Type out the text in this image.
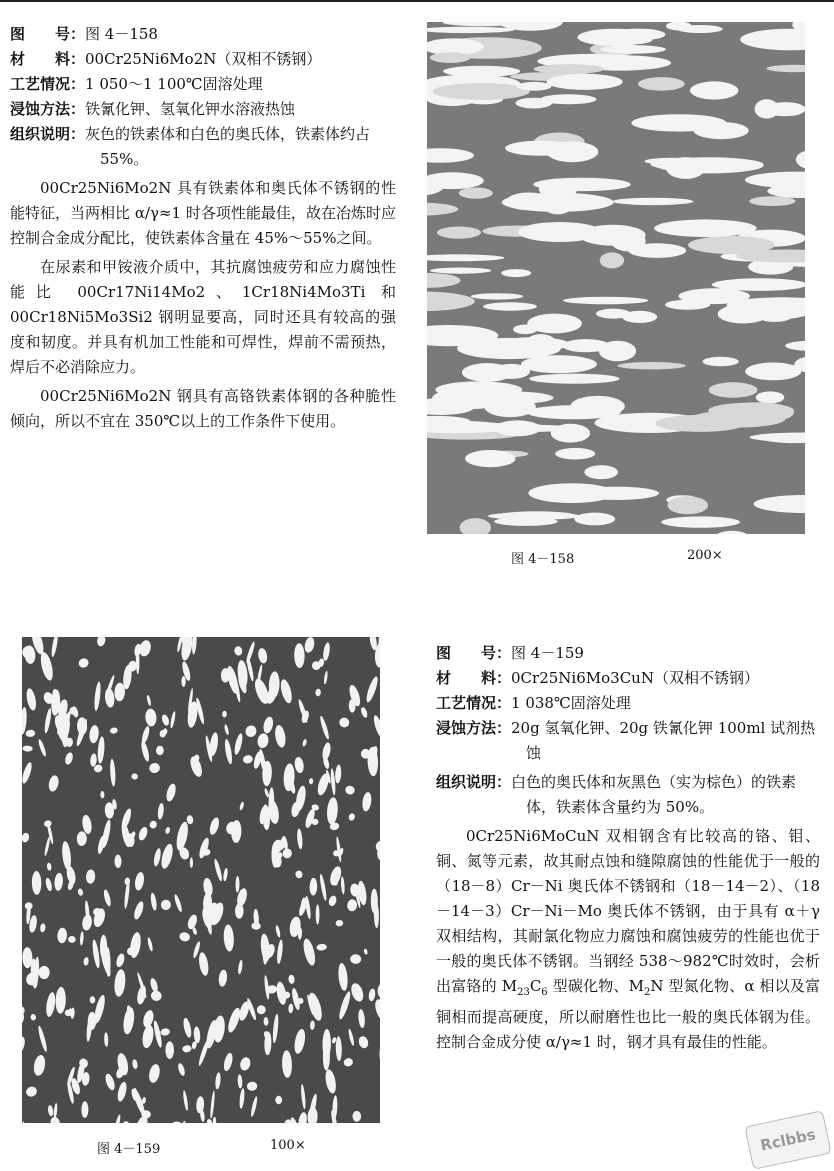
图　　号：图 4－158
材　　料：00Cr25Ni6Mo2N（双相不锈钢）
工艺情况：1 050～1 100℃固溶处理
浸蚀方法：铁氰化钾、氢氧化钾水溶液热蚀

组织说明：灰色的铁素体和白色的奥氏体，铁素体约占 55%。

00Cr25Ni6Mo2N 具有铁素体和奥氏体不锈钢的性能特征，当两相比 α/γ≈1 时各项性能最佳，故在冶炼时应控制合金成分配比，使铁素体含量在 45%～55%之间。

在尿素和甲铵液介质中，其抗腐蚀疲劳和应力腐蚀性能比 00Cr17Ni14Mo2、1Cr18Ni4Mo3Ti 和 00Cr18Ni5Mo3Si2 钢明显要高，同时还具有较高的强度和韧度。并具有机加工性能和可焊性，焊前不需预热，焊后不必消除应力。

00Cr25Ni6Mo2N 钢具有高铬铁素体钢的各种脆性倾向，所以不宜在 350℃以上的工作条件下使用。

图 4－158	200×
图 4－159	100×
图　　号：图 4－159
材　　料：0Cr25Ni6Mo3CuN（双相不锈钢）
工艺情况：1 038℃固溶处理

浸蚀方法：20g 氢氧化钾、20g 铁氰化钾 100ml 试剂热蚀

组织说明：白色的奥氏体和灰黑色（实为棕色）的铁素体，铁素体含量约为 50%。

0Cr25Ni6MoCuN 双相钢含有比较高的铬、钼、铜、氮等元素，故其耐点蚀和缝隙腐蚀的性能优于一般的（18－8）Cr－Ni 奥氏体不锈钢和（18－14－2）、（18－14－3）Cr－Ni－Mo 奥氏体不锈钢，由于具有 α＋γ 双相结构，其耐氯化物应力腐蚀和腐蚀疲劳的性能也优于一般的奥氏体不锈钢。当钢经 538～982℃时效时，会析出富铬的 $M_{23}C_6$ 型碳化物、$M_2N$ 型氮化物、α 相以及富铜相而提高硬度，所以耐磨性也比一般的奥氏体钢为佳。控制合金成分使 α/γ≈1 时，钢才具有最佳的性能。

Rclbbs
